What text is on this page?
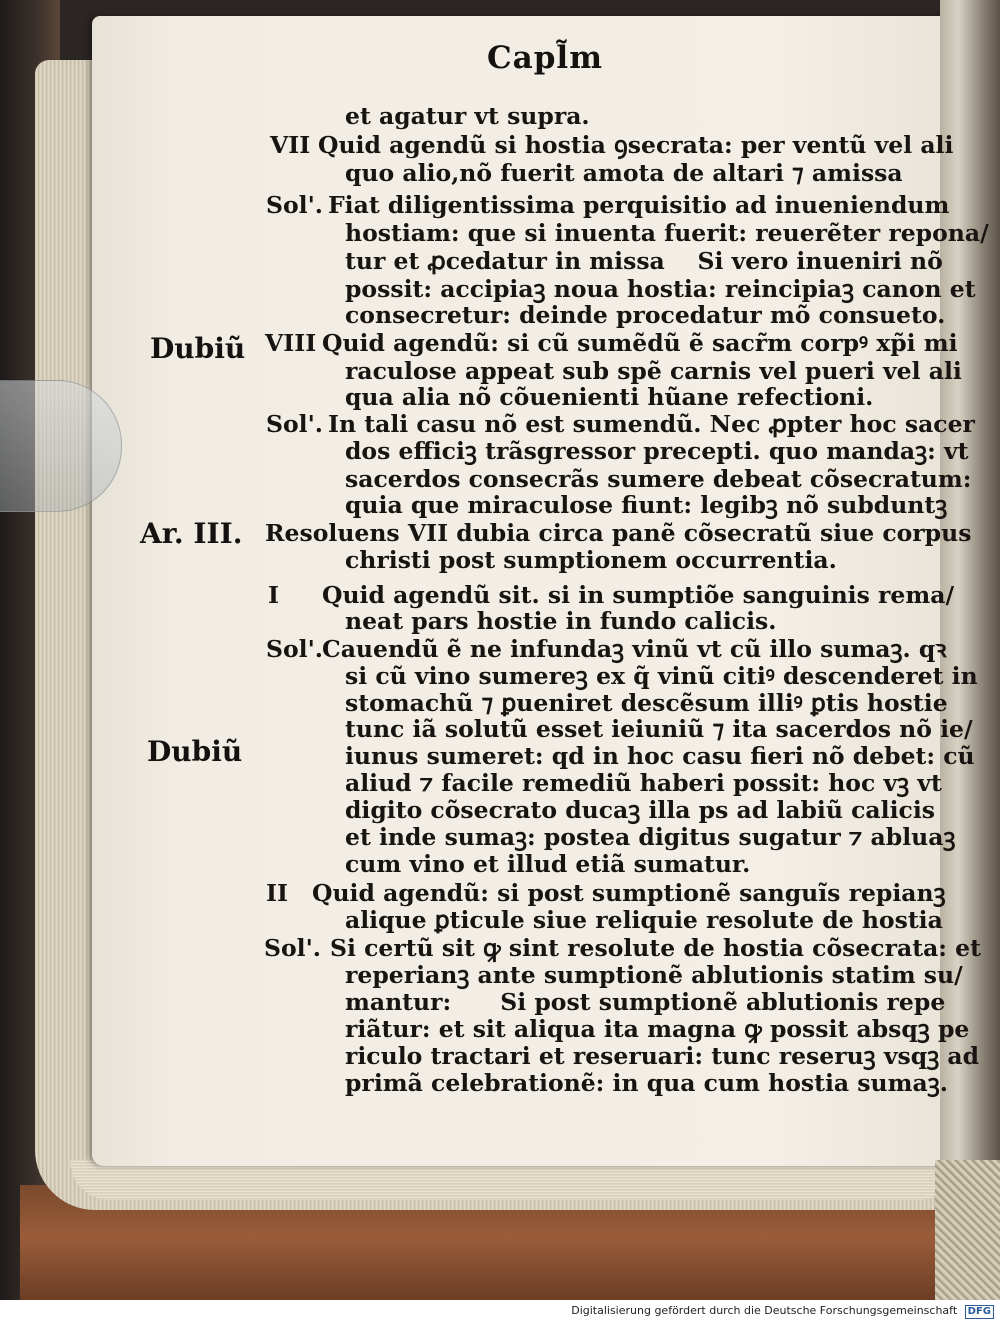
Capl̃m
Dubiũ
Ar. III.
Dubiũ
VII
Sol'.
VIII
Sol'.
I
Sol'.
II
Sol'.
et agatur vt supra.
Quid agendũ si hostia ꝯsecrata: per ventũ vel ali
quo alio,nõ fuerit amota de altari ⁊ amissa
Fiat diligentissima perquisitio ad inueniendum
hostiam: que si inuenta fuerit: reuerẽter repona/
tur et ꝓcedatur in missa    Si vero inueniri nõ
possit: accipiaꝫ noua hostia: reincipiaꝫ canon et
consecretur: deinde procedatur mõ consueto.
Quid agendũ: si cũ sumẽdũ ẽ sacr̃m corpꝰ xp̃i mi
raculose appeat sub spẽ carnis vel pueri vel ali
qua alia nõ cõuenienti hũane refectioni.
In tali casu nõ est sumendũ. Nec ꝓpter hoc sacer
dos efficiꝫ trãsgressor precepti. quo mandaꝫ: vt
sacerdos consecrãs sumere debeat cõsecratum:
quia que miraculose fiunt: legibꝫ nõ subduntꝫ
Resoluens VII dubia circa panẽ cõsecratũ siue corpus
christi post sumptionem occurrentia.
Quid agendũ sit. si in sumptiõe sanguinis rema/
neat pars hostie in fundo calicis.
Cauendũ ẽ ne infundaꝫ vinũ vt cũ illo sumaꝫ. qꝛ
si cũ vino sumereꝫ ex q̃ vinũ citiꝰ descenderet in
stomachũ ⁊ ꝑueniret descẽsum illiꝰ ꝑtis hostie
tunc iã solutũ esset ieiuniũ ⁊ ita sacerdos nõ ie/
iunus sumeret: qd in hoc casu fieri nõ debet: cũ
aliud ⁊ facile remediũ haberi possit: hoc vꝫ vt
digito cõsecrato ducaꝫ illa ps ad labiũ calicis
et inde sumaꝫ: postea digitus sugatur ⁊ abluaꝫ
cum vino et illud etiã sumatur.
Quid agendũ: si post sumptionẽ sanguĩs repianꝫ
alique ꝑticule siue reliquie resolute de hostia
Si certũ sit ꝙ sint resolute de hostia cõsecrata: et
reperianꝫ ante sumptionẽ ablutionis statim su/
mantur:      Si post sumptionẽ ablutionis repe
riãtur: et sit aliqua ita magna ꝙ possit absqꝫ pe
riculo tractari et reseruari: tunc reseruꝫ vsqꝫ ad
primã celebrationẽ: in qua cum hostia sumaꝫ.
Digitalisierung gefördert durch die Deutsche Forschungsgemeinschaft DFG
